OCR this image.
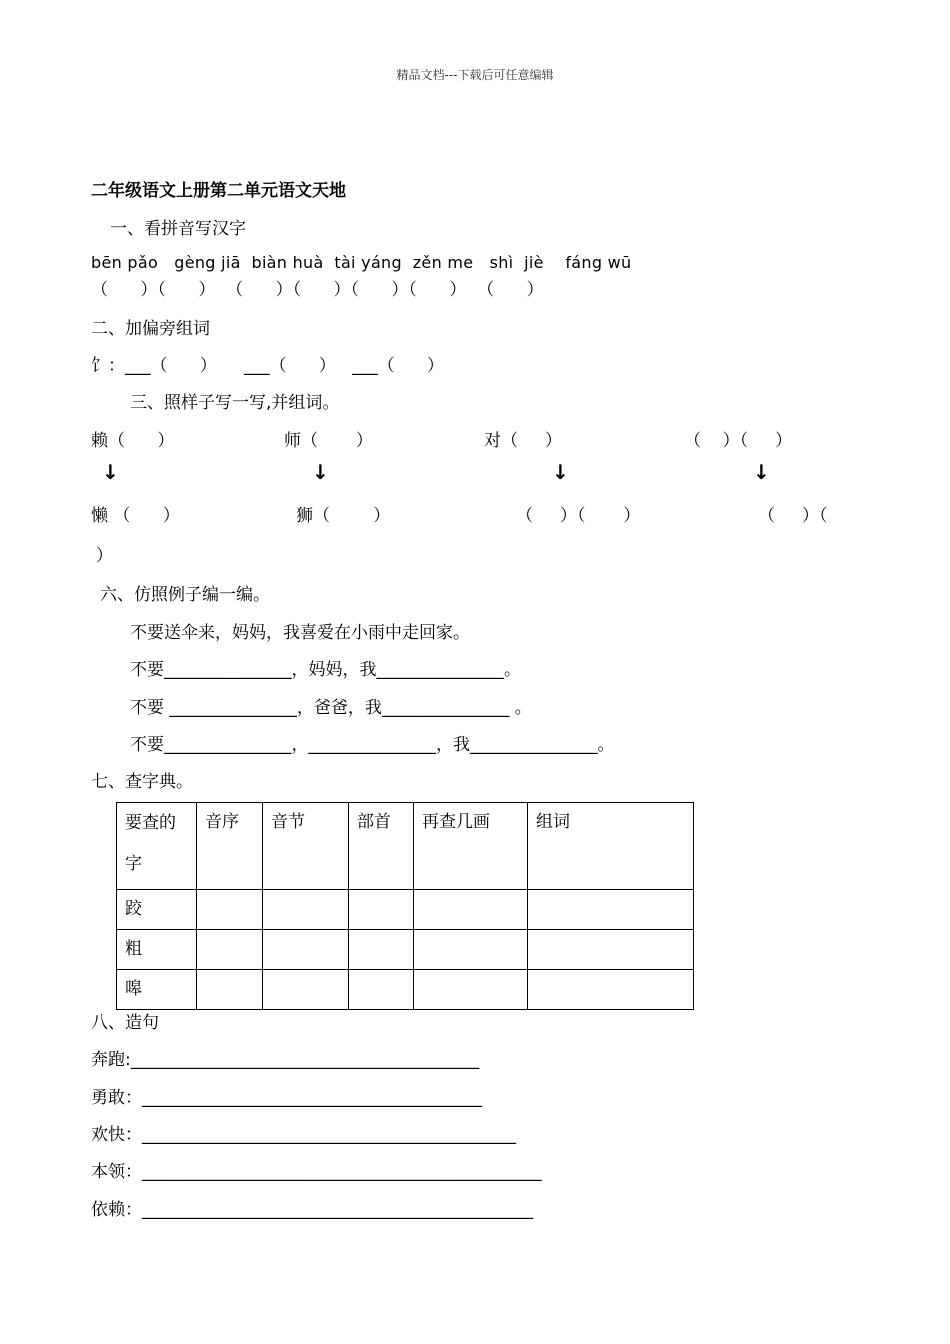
精品文档---下载后可任意编辑
二年级语文上册第二单元语文天地
一、看拼音写汉字
bēn pǎo   gèng jiā  biàn huà  tài yáng  zěn me   shì  jiè    fáng wū
（      ）（      ）  （      ）（      ）（      ）（      ）  （      ）
二、加偏旁组词
饣：___（      ）     ___（      ）   ___（      ）
三、照样子写一写,并组词。
赖（      ）	师（       ）	对（     ）	（    ）（     ）
↓	↓	↓	↓
懒 （      ）	狮（        ）	（     ）（       ）	（     ）（
）
六、仿照例子编一编。
不要送伞来，妈妈，我喜爱在小雨中走回家。
不要_______________，妈妈，我_______________。
不要 _______________，爸爸，我_______________ 。
不要_______________，_______________，我_______________。
七、查字典。
要查的字	音序	音节	部首	再查几画	组词
跤					
粗					
嗥					
八、造句
奔跑:_________________________________________
勇敢：________________________________________
欢快：____________________________________________
本领：_______________________________________________
依赖：______________________________________________
